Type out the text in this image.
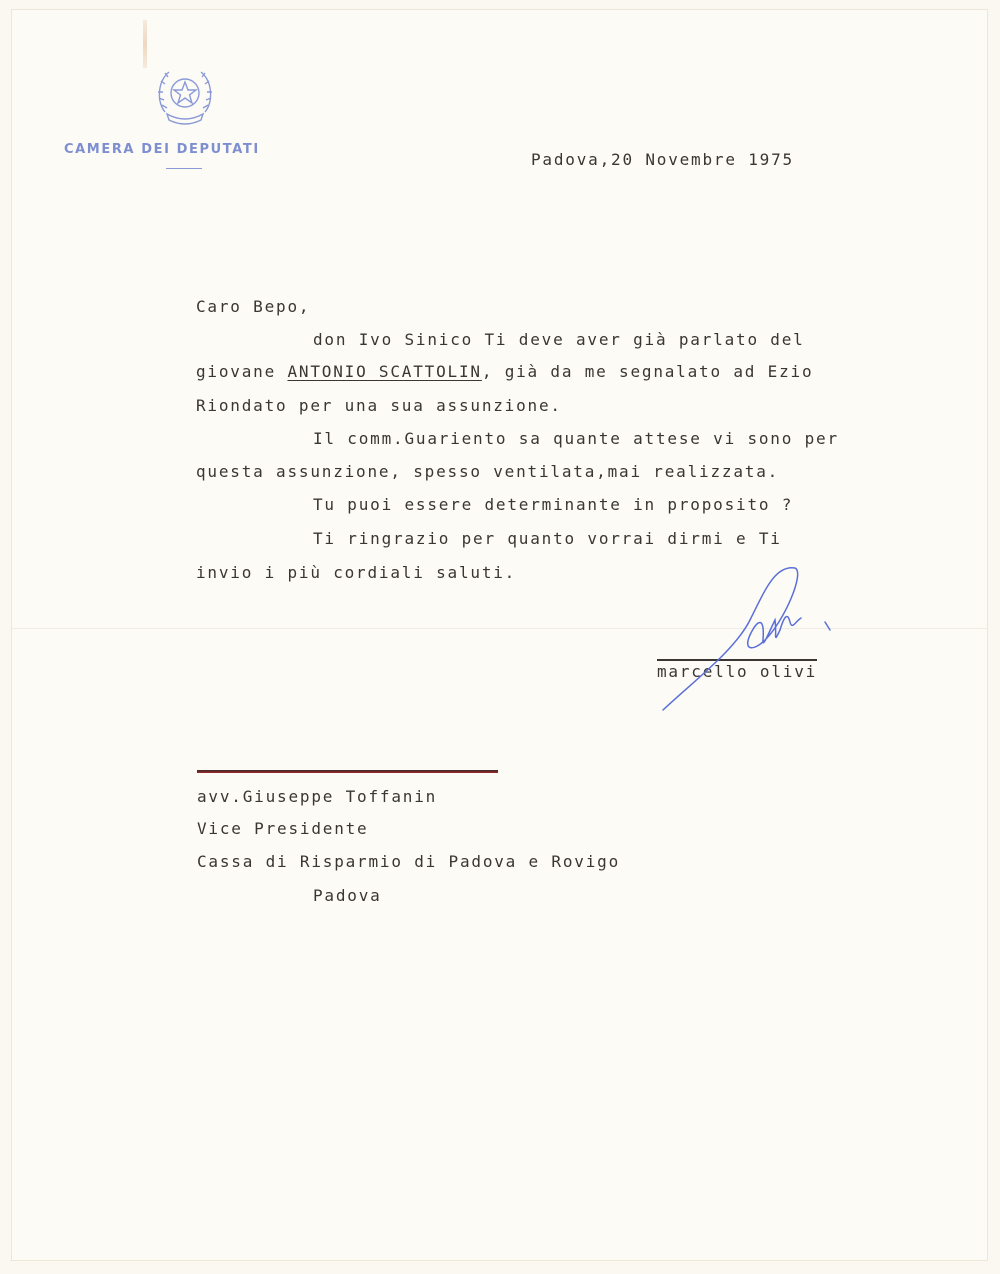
CAMERA DEI DEPUTATI
Padova,20 Novembre 1975
Caro Bepo,
don Ivo Sinico Ti deve aver già parlato del
giovane ANTONIO SCATTOLIN, già da me segnalato ad Ezio
Riondato per una sua assunzione.
Il comm.Guariento sa quante attese vi sono per
questa assunzione, spesso ventilata,mai realizzata.
Tu puoi essere determinante in proposito ?
Ti ringrazio per quanto vorrai dirmi e Ti
invio i più cordiali saluti.
marcello olivi
avv.Giuseppe Toffanin
Vice Presidente
Cassa di Risparmio di Padova e Rovigo
Padova
